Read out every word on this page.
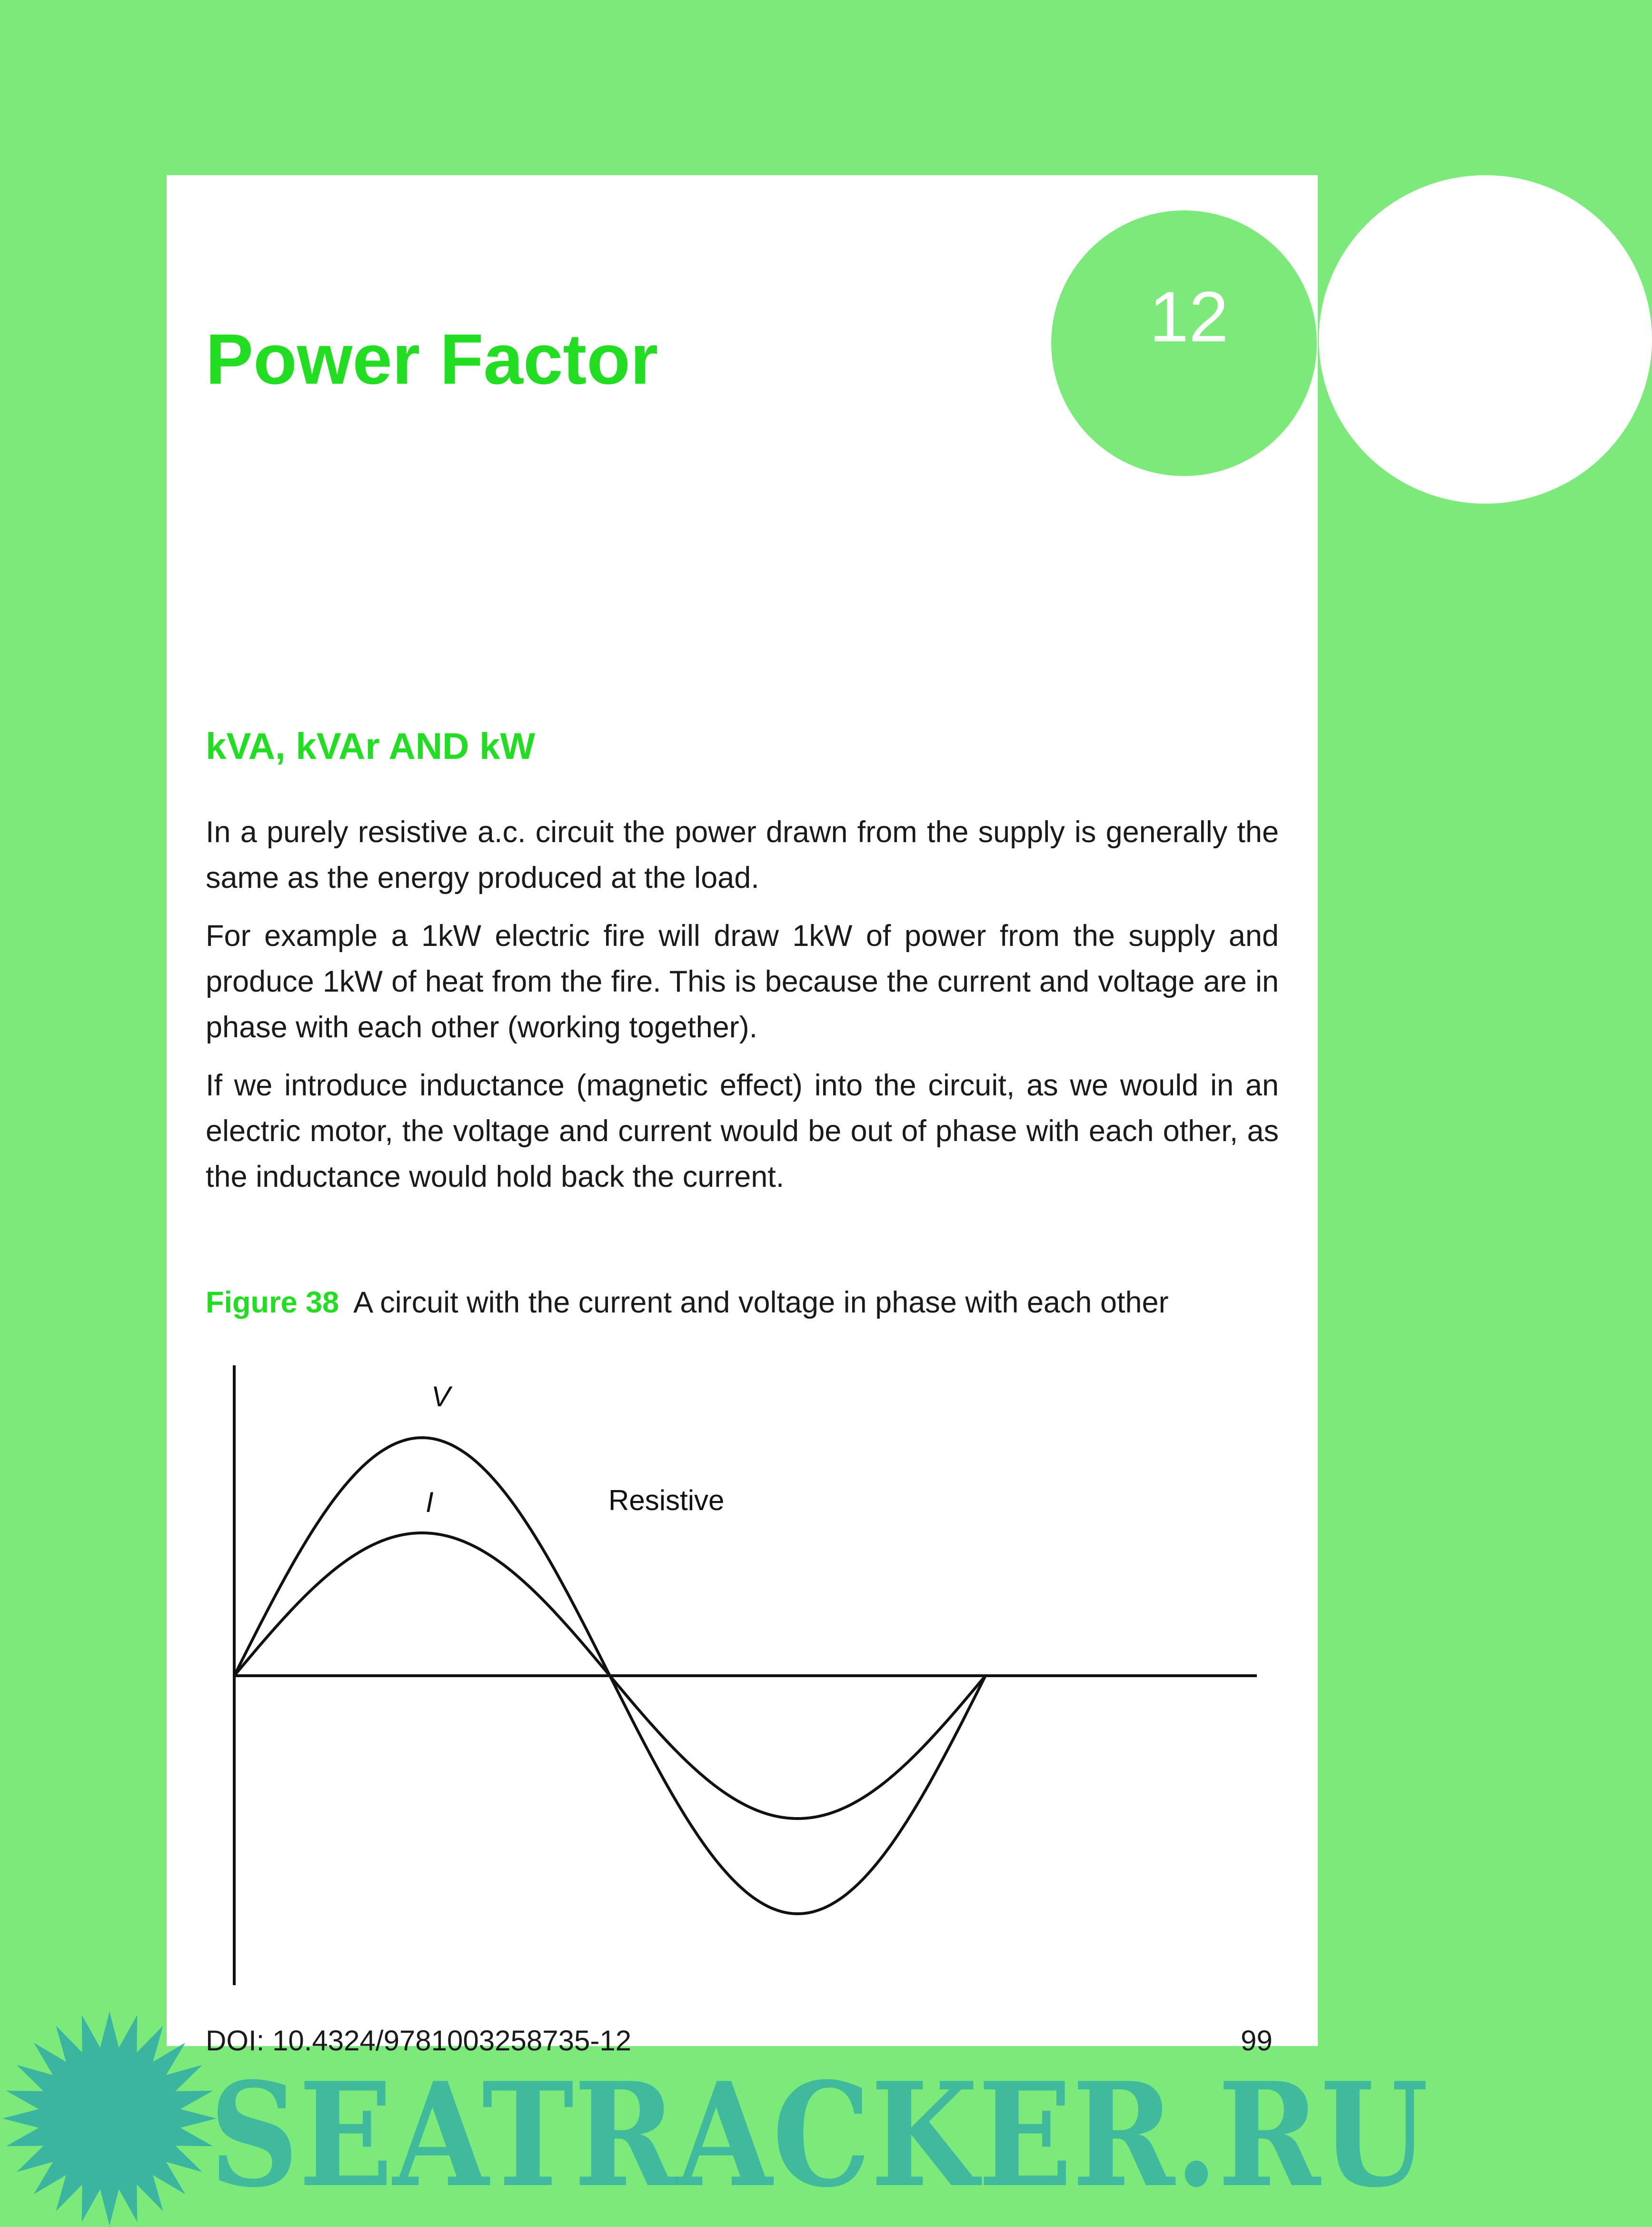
12
Power Factor
kVA, kVAr AND kW

In a purely resistive a.c. circuit the power drawn from the supply is generally the same as the energy produced at the load.

For example a 1kW electric fire will draw 1kW of power from the supply and produce 1kW of heat from the fire. This is because the current and voltage are in phase with each other (working together).

If we introduce inductance (magnetic effect) into the circuit, as we would in an electric motor, the voltage and current would be out of phase with each other, as the inductance would hold back the current.

Figure 38 A circuit with the current and voltage in phase with each other
V
I	Resistive
DOI: 10.4324/9781003258735-12	99
SEATRACKER.RU
